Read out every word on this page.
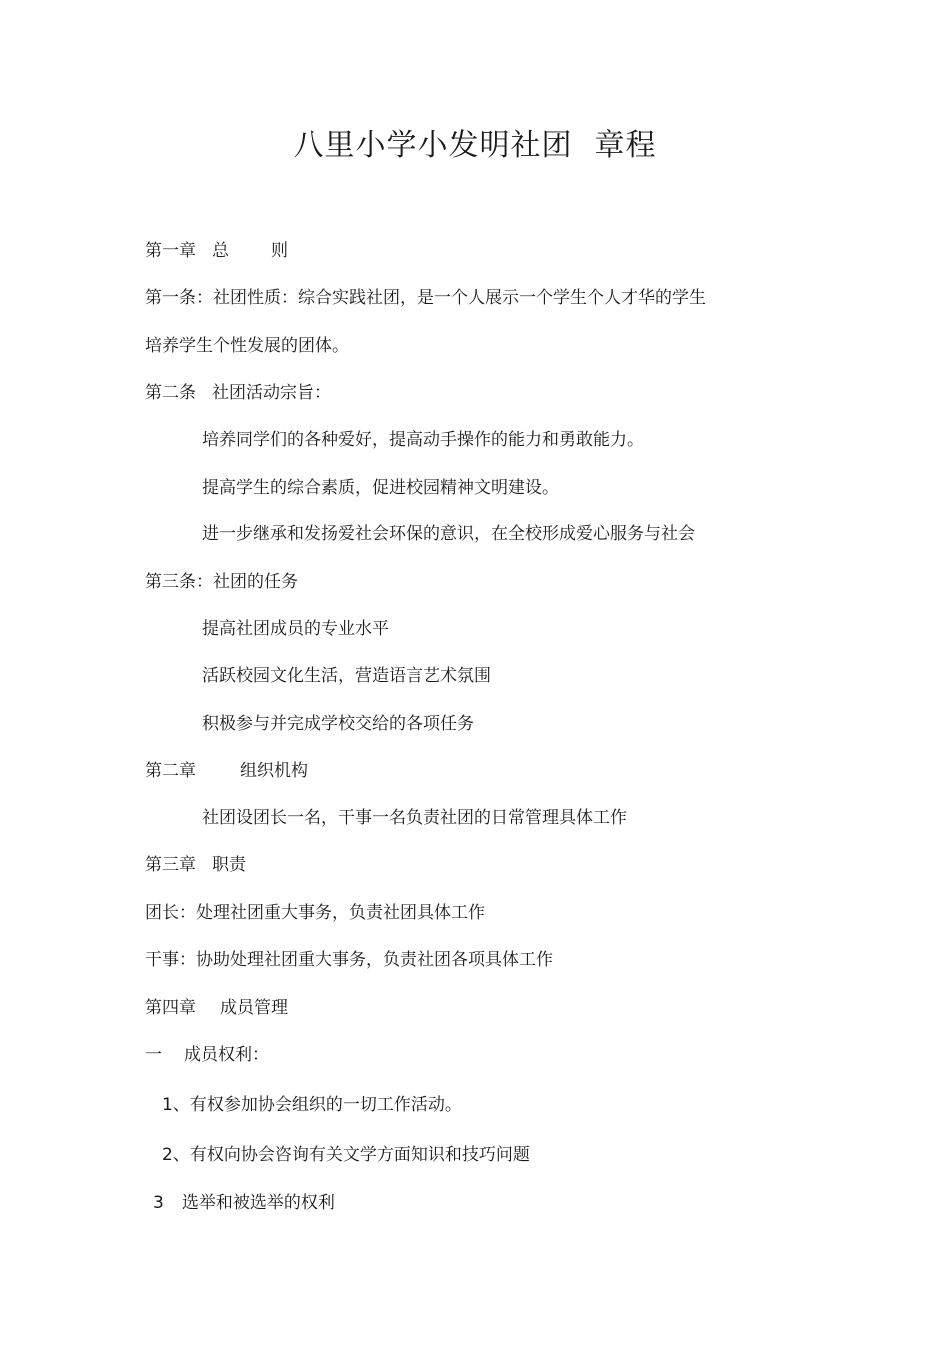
八里小学小发明社团 章程
第一章 总 则
第一条：社团性质：综合实践社团，是一个人展示一个学生个人才华的学生
培养学生个性发展的团体。
第二条 社团活动宗旨：
培养同学们的各种爱好，提高动手操作的能力和勇敢能力。
提高学生的综合素质，促进校园精神文明建设。
进一步继承和发扬爱社会环保的意识，在全校形成爱心服务与社会
第三条：社团的任务
提高社团成员的专业水平
活跃校园文化生活，营造语言艺术氛围
积极参与并完成学校交给的各项任务
第二章	组织机构
社团设团长一名，干事一名负责社团的日常管理具体工作
第三章 职责
团长：处理社团重大事务，负责社团具体工作
干事：协助处理社团重大事务，负责社团各项具体工作
第四章 成员管理
一 成员权利：
1、有权参加协会组织的一切工作活动。
2、有权向协会咨询有关文学方面知识和技巧问题
3 选举和被选举的权利
